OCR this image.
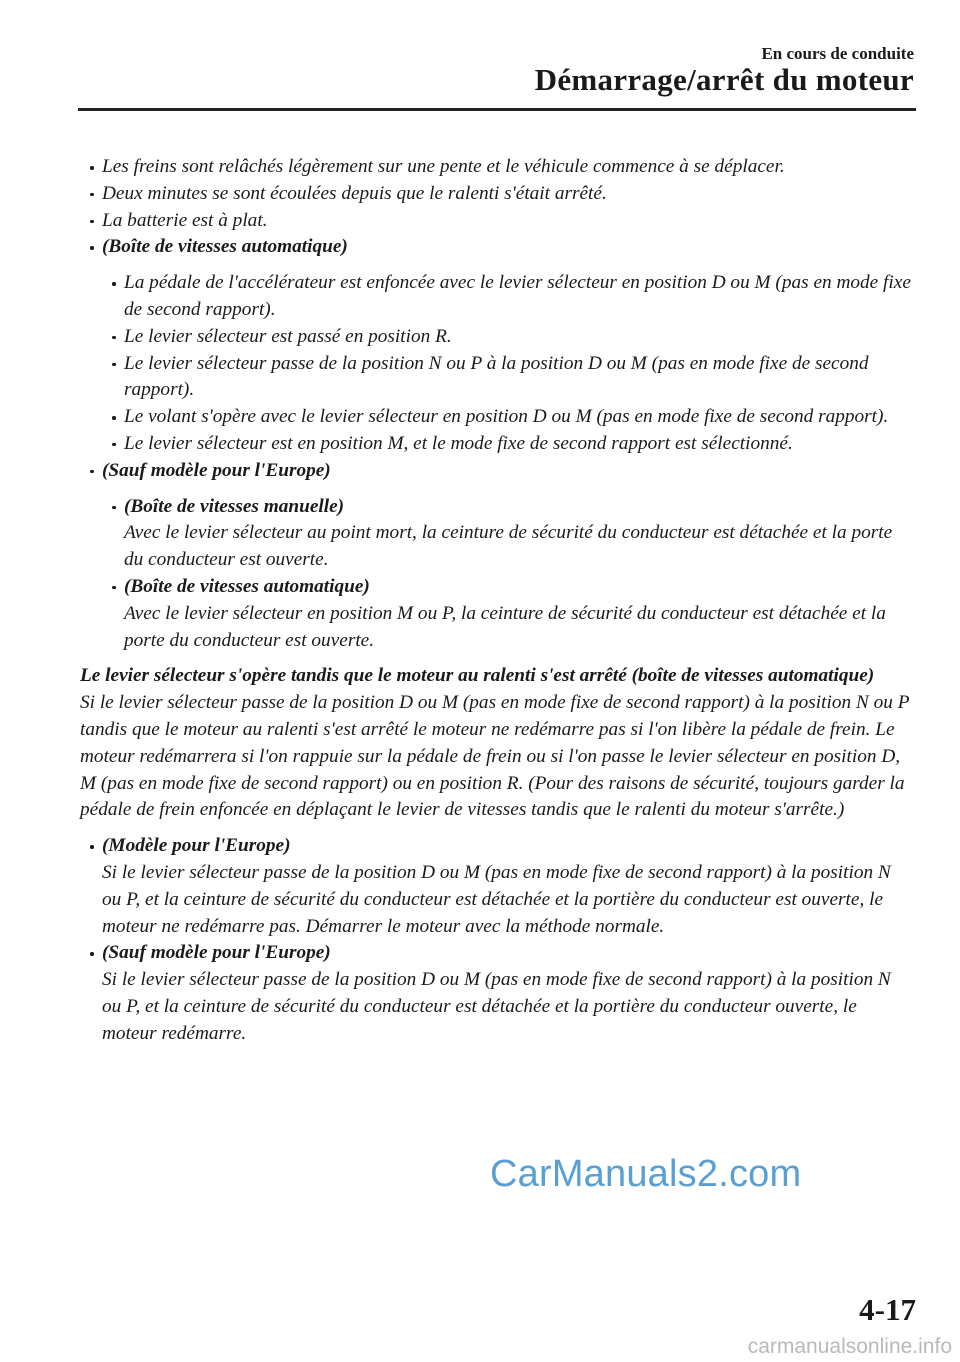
En cours de conduite
Démarrage/arrêt du moteur

Les freins sont relâchés légèrement sur une pente et le véhicule commence à se déplacer.

Deux minutes se sont écoulées depuis que le ralenti s'était arrêté.

La batterie est à plat.

(Boîte de vitesses automatique)

La pédale de l'accélérateur est enfoncée avec le levier sélecteur en position D ou M (pas en mode fixe de second rapport).

Le levier sélecteur est passé en position R.

Le levier sélecteur passe de la position N ou P à la position D ou M (pas en mode fixe de second rapport).

Le volant s'opère avec le levier sélecteur en position D ou M (pas en mode fixe de second rapport).

Le levier sélecteur est en position M, et le mode fixe de second rapport est sélectionné.

(Sauf modèle pour l'Europe)

(Boîte de vitesses manuelle)
Avec le levier sélecteur au point mort, la ceinture de sécurité du conducteur est détachée et la porte du conducteur est ouverte.
(Boîte de vitesses automatique)
Avec le levier sélecteur en position M ou P, la ceinture de sécurité du conducteur est détachée et la porte du conducteur est ouverte.

Le levier sélecteur s'opère tandis que le moteur au ralenti s'est arrêté (boîte de vitesses automatique)

Si le levier sélecteur passe de la position D ou M (pas en mode fixe de second rapport) à la position N ou P tandis que le moteur au ralenti s'est arrêté le moteur ne redémarre pas si l'on libère la pédale de frein. Le moteur redémarrera si l'on rappuie sur la pédale de frein ou si l'on passe le levier sélecteur en position D, M (pas en mode fixe de second rapport) ou en position R. (Pour des raisons de sécurité, toujours garder la pédale de frein enfoncée en déplaçant le levier de vitesses tandis que le ralenti du moteur s'arrête.)

(Modèle pour l'Europe)
Si le levier sélecteur passe de la position D ou M (pas en mode fixe de second rapport) à la position N ou P, et la ceinture de sécurité du conducteur est détachée et la portière du conducteur est ouverte, le moteur ne redémarre pas. Démarrer le moteur avec la méthode normale.
(Sauf modèle pour l'Europe)
Si le levier sélecteur passe de la position D ou M (pas en mode fixe de second rapport) à la position N ou P, et la ceinture de sécurité du conducteur est détachée et la portière du conducteur ouverte, le moteur redémarre.
CarManuals2.com
4-17
carmanualsonline.info
